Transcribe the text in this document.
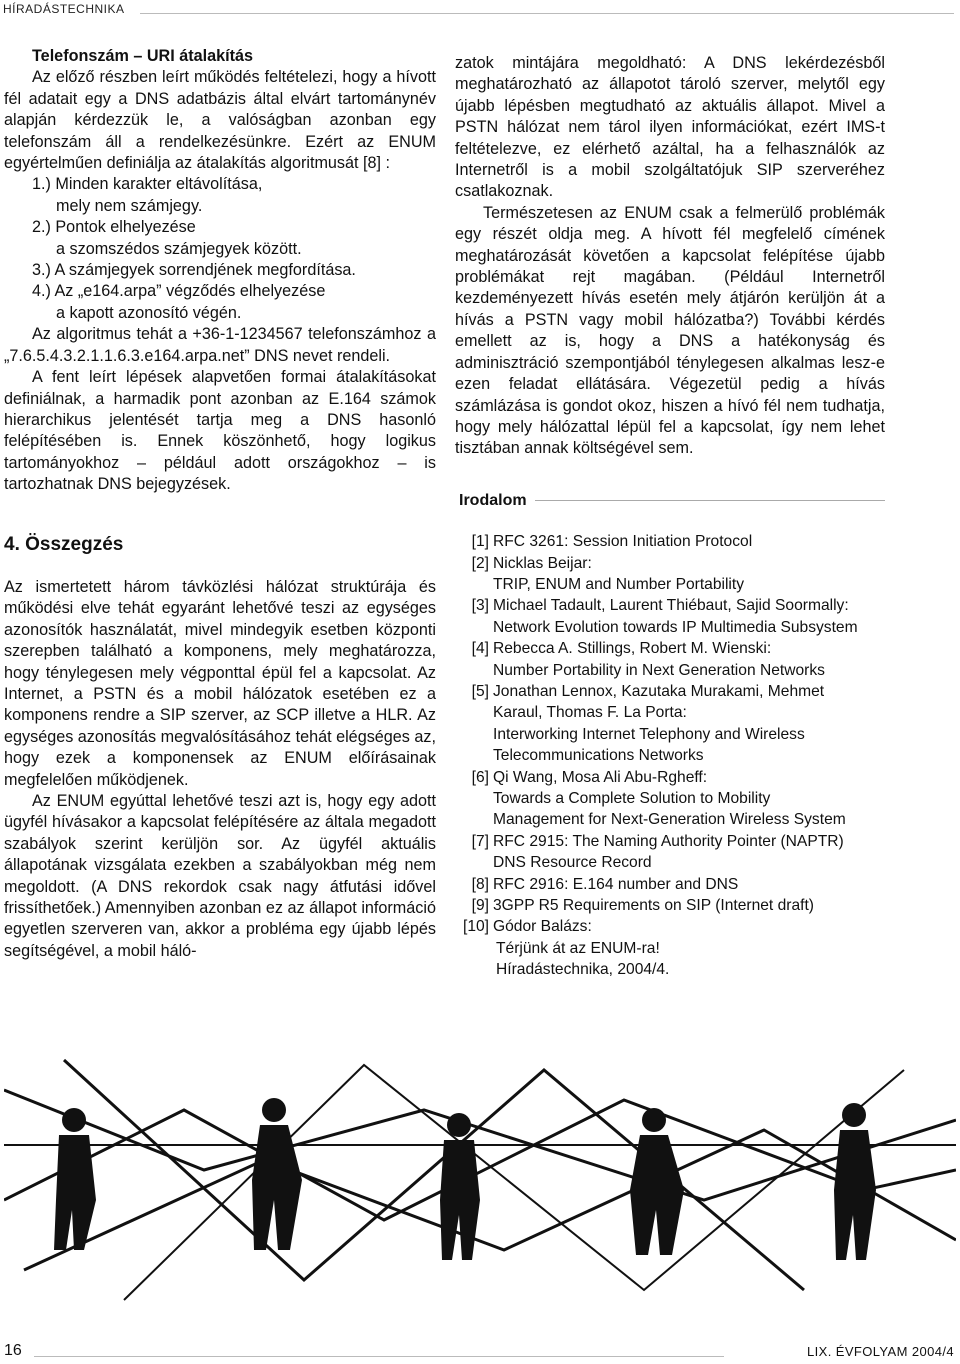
HÍRADÁSTECHNIKA
Telefonszám – URI átalakítás

Az előző részben leírt működés feltételezi, hogy a hívott fél adatait egy a DNS adatbázis által elvárt tartománynév alapján kérdezzük le, a valóságban azonban egy telefonszám áll a rendelkezésünkre. Ezért az ENUM egyértelműen definiálja az átalakítás algoritmusát [8] :

1.) Minden karakter eltávolítása,
mely nem számjegy.
2.) Pontok elhelyezése
a szomszédos számjegyek között.
3.) A számjegyek sorrendjének megfordítása.
4.) Az „e164.arpa” végződés elhelyezése
a kapott azonosító végén.

Az algoritmus tehát a +36-1-1234567 telefonszámhoz a „7.6.5.4.3.2.1.1.6.3.e164.arpa.net” DNS nevet rendeli.

A fent leírt lépések alapvetően formai átalakításokat definiálnak, a harmadik pont azonban az E.164 számok hierarchikus jelentését tartja meg a DNS hasonló felépítésében is. Ennek köszönhető, hogy logikus tartományokhoz – például adott országokhoz – is tartozhatnak DNS bejegyzések.

4. Összegzés

Az ismertetett három távközlési hálózat struktúrája és működési elve tehát egyaránt lehetővé teszi az egységes azonosítók használatát, mivel mindegyik esetben központi szerepben található a komponens, mely meghatározza, hogy ténylegesen mely végponttal épül fel a kapcsolat. Az Internet, a PSTN és a mobil hálózatok esetében ez a komponens rendre a SIP szerver, az SCP illetve a HLR. Az egységes azonosítás megvalósításához tehát elégséges az, hogy ezek a komponensek az ENUM előírásainak megfelelően működjenek.

Az ENUM egyúttal lehetővé teszi azt is, hogy egy adott ügyfél hívásakor a kapcsolat felépítésére az általa megadott szabályok szerint kerüljön sor. Az ügyfél aktuális állapotának vizsgálata ezekben a szabályokban még nem megoldott. (A DNS rekordok csak nagy átfutási idővel frissíthetőek.) Amennyiben azonban ez az állapot információ egyetlen szerveren van, akkor a probléma egy újabb lépés segítségével, a mobil háló-

zatok mintájára megoldható: A DNS lekérdezésből meghatározható az állapotot tároló szerver, melytől egy újabb lépésben megtudható az aktuális állapot. Mivel a PSTN hálózat nem tárol ilyen információkat, ezért IMS-t feltételezve, ez elérhető azáltal, ha a felhasználók az Internetről is a mobil szolgáltatójuk SIP szerveréhez csatlakoznak.

Természetesen az ENUM csak a felmerülő problémák egy részét oldja meg. A hívott fél megfelelő címének meghatározását követően a kapcsolat felépítése újabb problémákat rejt magában. (Például Internetről kezdeményezett hívás esetén mely átjárón kerüljön át a hívás a PSTN vagy mobil hálózatba?) További kérdés emellett az is, hogy a DNS a hatékonyság és adminisztráció szempontjából ténylegesen alkalmas lesz-e ezen feladat ellátására. Végezetül pedig a hívás számlázása is gondot okoz, hiszen a hívó fél nem tudhatja, hogy mely hálózattal lépül fel a kapcsolat, így nem lehet tisztában annak költségével sem.

Irodalom
[1] RFC 3261: Session Initiation Protocol
[2] Nicklas Beijar:
TRIP, ENUM and Number Portability
[3] Michael Tadault, Laurent Thiébaut, Sajid Soormally:
Network Evolution towards IP Multimedia Subsystem
[4] Rebecca A. Stillings, Robert M. Wienski:
Number Portability in Next Generation Networks
[5] Jonathan Lennox, Kazutaka Murakami, Mehmet
Karaul, Thomas F. La Porta:
Interworking Internet Telephony and Wireless
Telecommunications Networks
[6] Qi Wang, Mosa Ali Abu-Rgheff:
Towards a Complete Solution to Mobility
Management for Next-Generation Wireless System
[7] RFC 2915: The Naming Authority Pointer (NAPTR)
DNS Resource Record
[8] RFC 2916: E.164 number and DNS
[9] 3GPP R5 Requirements on SIP (Internet draft)
[10] Gódor Balázs:
Térjünk át az ENUM-ra!
Híradástechnika, 2004/4.
16	LIX. ÉVFOLYAM 2004/4
